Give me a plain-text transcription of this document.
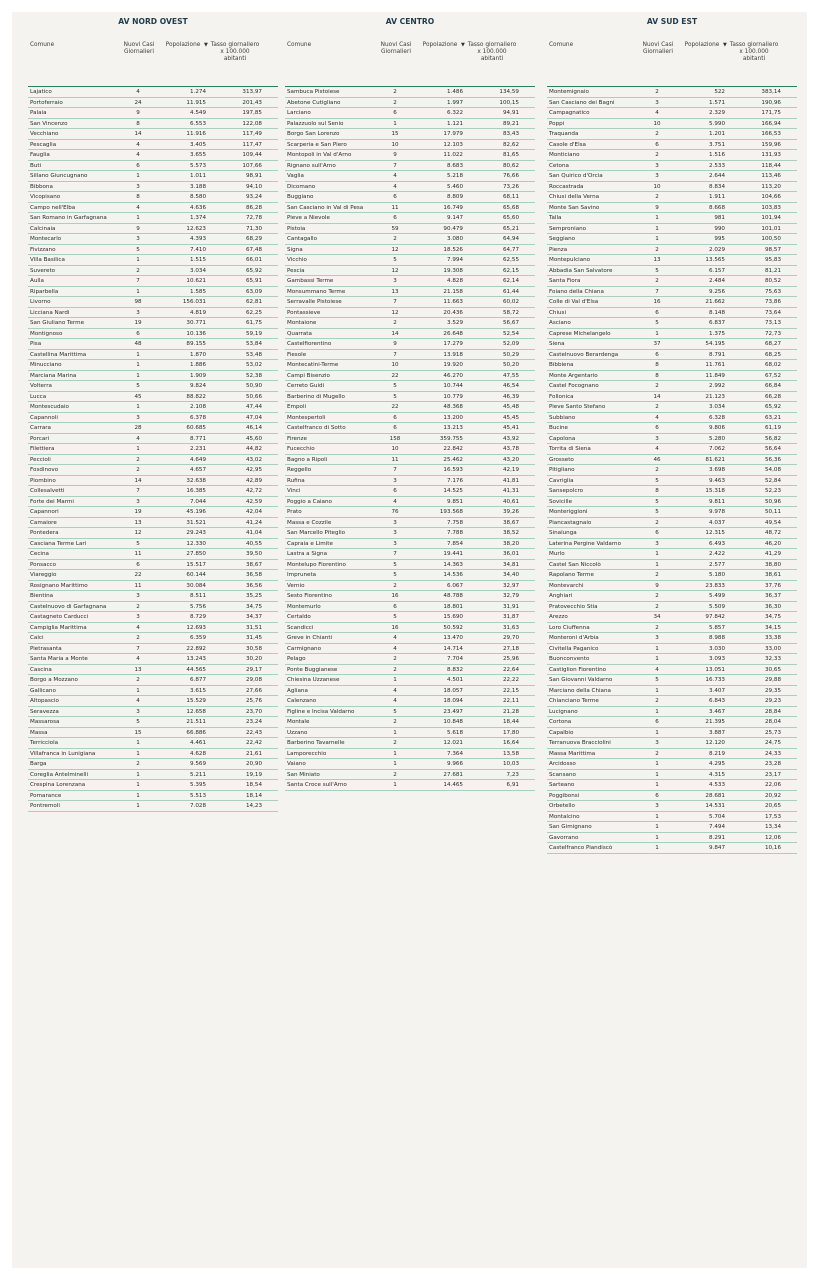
AV NORD OVEST
Comune	Nuovi Casi Giornalieri
Popolazione	Tasso giornaliero x 100.000 abitanti
▼
Lajatico	4	1.274	313,97
Portoferraio	24	11.915	201,43
Palaia	9	4.549	197,85
San Vincenzo	8	6.553	122,08
Vecchiano	14	11.916	117,49
Pescaglia	4	3.405	117,47
Fauglia	4	3.655	109,44
Buti	6	5.573	107,66
Sillano Giuncugnano	1	1.011	98,91
Bibbona	3	3.188	94,10
Vicopisano	8	8.580	93,24
Campo nell'Elba	4	4.636	86,28
San Romano in Garfagnana	1	1.374	72,78
Calcinaia	9	12.623	71,30
Montecarlo	3	4.393	68,29
Fivizzano	5	7.410	67,48
Villa Basilica	1	1.515	66,01
Suvereto	2	3.034	65,92
Aulla	7	10.621	65,91
Riparbella	1	1.585	63,09
Livorno	98	156.031	62,81
Licciana Nardi	3	4.819	62,25
San Giuliano Terme	19	30.771	61,75
Montignoso	6	10.136	59,19
Pisa	48	89.155	53,84
Castellina Marittima	1	1.870	53,48
Minucciano	1	1.886	53,02
Marciana Marina	1	1.909	52,38
Volterra	5	9.824	50,90
Lucca	45	88.822	50,66
Montescudaio	1	2.108	47,44
Capannoli	3	6.378	47,04
Carrara	28	60.685	46,14
Porcari	4	8.771	45,60
Filettiera	1	2.231	44,82
Peccioli	2	4.649	43,02
Fosdinovo	2	4.657	42,95
Piombino	14	32.638	42,89
Collesalvetti	7	16.385	42,72
Forte dei Marmi	3	7.044	42,59
Capannori	19	45.196	42,04
Camaiore	13	31.521	41,24
Pontedera	12	29.243	41,04
Casciana Terme Lari	5	12.330	40,55
Cecina	11	27.850	39,50
Ponsacco	6	15.517	38,67
Viareggio	22	60.144	36,58
Rosignano Marittimo	11	30.084	36,56
Bientina	3	8.511	35,25
Castelnuovo di Garfagnana	2	5.756	34,75
Castagneto Carducci	3	8.729	34,37
Campiglia Marittima	4	12.693	31,51
Calci	2	6.359	31,45
Pietrasanta	7	22.892	30,58
Santa Maria a Monte	4	13.243	30,20
Cascina	13	44.565	29,17
Borgo a Mozzano	2	6.877	29,08
Gallicano	1	3.615	27,66
Altopascio	4	15.529	25,76
Seravezza	3	12.658	23,70
Massarosa	5	21.511	23,24
Massa	15	66.886	22,43
Terricciola	1	4.461	22,42
Villafranca in Lunigiana	1	4.628	21,61
Barga	2	9.569	20,90
Coreglia Antelminelli	1	5.211	19,19
Crespina Lorenzana	1	5.395	18,54
Pomarance	1	5.513	18,14
Pontremoli	1	7.028	14,23
AV CENTRO
Comune	Nuovi Casi Giornalieri
Popolazione	Tasso giornaliero x 100.000 abitanti
▼
Sambuca Pistoiese	2	1.486	134,59
Abetone Cutigliano	2	1.997	100,15
Larciano	6	6.322	94,91
Palazzuolo sul Senio	1	1.121	89,21
Borgo San Lorenzo	15	17.979	83,43
Scarperia e San Piero	10	12.103	82,62
Montopoli in Val d'Arno	9	11.022	81,65
Rignano sull'Arno	7	8.683	80,62
Vaglia	4	5.218	76,66
Dicomano	4	5.460	73,26
Buggiano	6	8.809	68,11
San Casciano in Val di Pesa	11	16.749	65,68
Pieve a Nievole	6	9.147	65,60
Pistoia	59	90.479	65,21
Cantagallo	2	3.080	64,94
Signa	12	18.526	64,77
Vicchio	5	7.994	62,55
Pescia	12	19.308	62,15
Gambassi Terme	3	4.828	62,14
Monsummano Terme	13	21.158	61,44
Serravalle Pistoiese	7	11.663	60,02
Pontassieve	12	20.436	58,72
Montaione	2	3.529	56,67
Quarrata	14	26.648	52,54
Castelfiorentino	9	17.279	52,09
Fiesole	7	13.918	50,29
Montecatini-Terme	10	19.920	50,20
Campi Bisenzio	22	46.270	47,55
Cerreto Guidi	5	10.744	46,54
Barberino di Mugello	5	10.779	46,39
Empoli	22	48.368	45,48
Montespertoli	6	13.200	45,45
Castelfranco di Sotto	6	13.213	45,41
Firenze	158	359.755	43,92
Fucecchio	10	22.842	43,78
Bagno a Ripoli	11	25.462	43,20
Reggello	7	16.593	42,19
Rufina	3	7.176	41,81
Vinci	6	14.525	41,31
Poggio a Caiano	4	9.851	40,61
Prato	76	193.568	39,26
Massa e Cozzile	3	7.758	38,67
San Marcello Piteglio	3	7.788	38,52
Capraia e Limite	3	7.854	38,20
Lastra a Signa	7	19.441	36,01
Montelupo Fiorentino	5	14.363	34,81
Impruneta	5	14.536	34,40
Vernio	2	6.067	32,97
Sesto Fiorentino	16	48.788	32,79
Montemurlo	6	18.801	31,91
Certaldo	5	15.690	31,87
Scandicci	16	50.592	31,63
Greve in Chianti	4	13.470	29,70
Carmignano	4	14.714	27,18
Pelago	2	7.704	25,96
Ponte Buggianese	2	8.832	22,64
Chiesina Uzzanese	1	4.501	22,22
Agliana	4	18.057	22,15
Calenzano	4	18.094	22,11
Figline e Incisa Valdarno	5	23.497	21,28
Montale	2	10.848	18,44
Uzzano	1	5.618	17,80
Barberino Tavarnelle	2	12.021	16,64
Lamporecchio	1	7.364	13,58
Vaiano	1	9.966	10,03
San Miniato	2	27.681	7,23
Santa Croce sull'Arno	1	14.465	6,91
AV SUD EST
Comune	Nuovi Casi Giornalieri
Popolazione	Tasso giornaliero x 100.000 abitanti
▼
Montemignaio	2	522	383,14
San Casciano dei Bagni	3	1.571	190,96
Campagnatico	4	2.329	171,75
Poppi	10	5.990	166,94
Traquanda	2	1.201	166,53
Casole d'Elsa	6	3.751	159,96
Monticiano	2	1.516	131,93
Cetona	3	2.533	118,44
San Quirico d'Orcia	3	2.644	113,46
Roccastrada	10	8.834	113,20
Chiusi della Verna	2	1.911	104,66
Monte San Savino	9	8.668	103,83
Talla	1	981	101,94
Semproniano	1	990	101,01
Seggiano	1	995	100,50
Pienza	2	2.029	98,57
Montepulciano	13	13.565	95,83
Abbadia San Salvatore	5	6.157	81,21
Santa Fiora	2	2.484	80,52
Foiano della Chiana	7	9.256	75,63
Colle di Val d'Elsa	16	21.662	73,86
Chiusi	6	8.148	73,64
Asciano	5	6.837	73,13
Caprese Michelangelo	1	1.375	72,73
Siena	37	54.195	68,27
Castelnuovo Berardenga	6	8.791	68,25
Bibbiena	8	11.761	68,02
Monte Argentario	8	11.849	67,52
Castel Focognano	2	2.992	66,84
Follonica	14	21.123	66,28
Pieve Santo Stefano	2	3.034	65,92
Subbiano	4	6.328	63,21
Bucine	6	9.806	61,19
Capolona	3	5.280	56,82
Torrita di Siena	4	7.062	56,64
Grosseto	46	81.621	56,36
Pitigliano	2	3.698	54,08
Cavriglia	5	9.463	52,84
Sansepolcro	8	15.318	52,23
Sovicille	5	9.811	50,96
Monteriggioni	5	9.978	50,11
Piancastagnaio	2	4.037	49,54
Sinalunga	6	12.315	48,72
Laterina Pergine Valdarno	3	6.493	46,20
Murlo	1	2.422	41,29
Castel San Niccolò	1	2.577	38,80
Rapolano Terme	2	5.180	38,61
Montevarchi	9	23.833	37,76
Anghiari	2	5.499	36,37
Pratovecchio Stia	2	5.509	36,30
Arezzo	34	97.842	34,75
Loro Ciuffenna	2	5.857	34,15
Monteroni d'Arbia	3	8.988	33,38
Civitella Paganico	1	3.030	33,00
Buonconvento	1	3.093	32,33
Castiglion Fiorentino	4	13.051	30,65
San Giovanni Valdarno	5	16.733	29,88
Marciano della Chiana	1	3.407	29,35
Chianciano Terme	2	6.843	29,23
Lucignano	1	3.467	28,84
Cortona	6	21.395	28,04
Capalbio	1	3.887	25,73
Terranuova Bracciolini	3	12.120	24,75
Massa Marittima	2	8.219	24,33
Arcidosso	1	4.295	23,28
Scansano	1	4.315	23,17
Sarteano	1	4.533	22,06
Poggibonsi	6	28.681	20,92
Orbetello	3	14.531	20,65
Montalcino	1	5.704	17,53
San Gimignano	1	7.494	13,34
Gavorrano	1	8.291	12,06
Castelfranco Piandiscò	1	9.847	10,16
